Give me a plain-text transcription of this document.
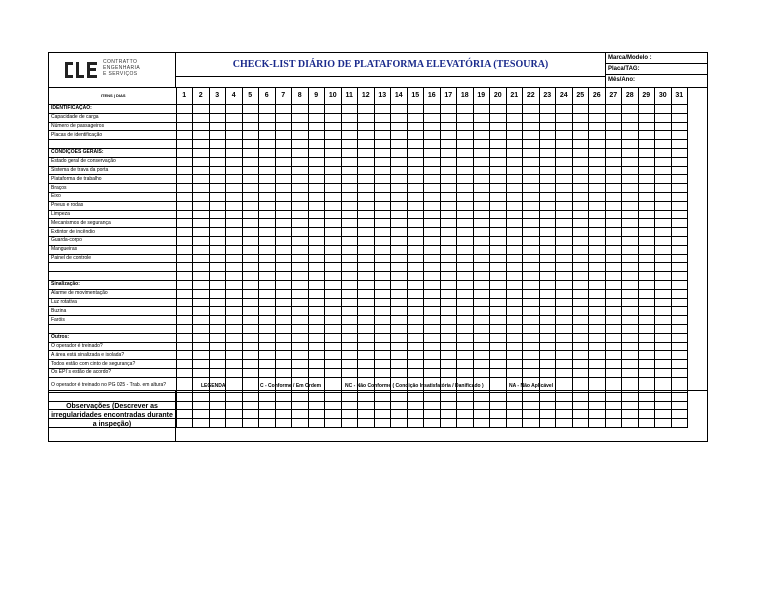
CONTRATTO
ENGENHARIA
E SERVIÇOS
CHECK-LIST DIÁRIO DE PLATAFORMA ELEVATÓRIA (TESOURA)
Marca/Modelo :
Placa/TAG:
Mês/Ano:
ITENS | DIAS	1	2	3	4	5	6	7	8	9	10	11	12	13	14	15	16	17	18	19	20	21	22	23	24	25	26	27	28	29	30	31
IDENTIFICAÇÃO:																															
Capacidade de carga																															
Número de passageiros																															
Placas de identificação																															

CONDIÇÕES GERAIS:																															
Estado geral de conservação																															
Sistema de trava da porta																															
Plataforma de trabalho																															
Braços																															
Eixo																															
Pneus e rodas																															
Limpeza																															
Mecanismos de segurança																															
Extintor de incêndio																															
Guarda-corpo																															
Mangueiras																															
Painel de controle																															

Sinalização:																															
Alarme de movimentação																															
Luz rotativa																															
Buzina																															
Faróis																															

Outros:																															
O operador é treinado?																															
A área está sinalizada e isolada?																															
Todos estão com cinto de segurança?																															
Os EPI´s estão de acordo?																															
O operador é treinado no PG 025 - Trab. em altura?																															

																																LEGENDA	C - Conforme / Em Ordem	NC - Não Conforme ( Condição Insatisfatória / Danificado )	NA - Não Aplicável
Observações (Descrever as irregularidades encontradas durante a inspeção)
